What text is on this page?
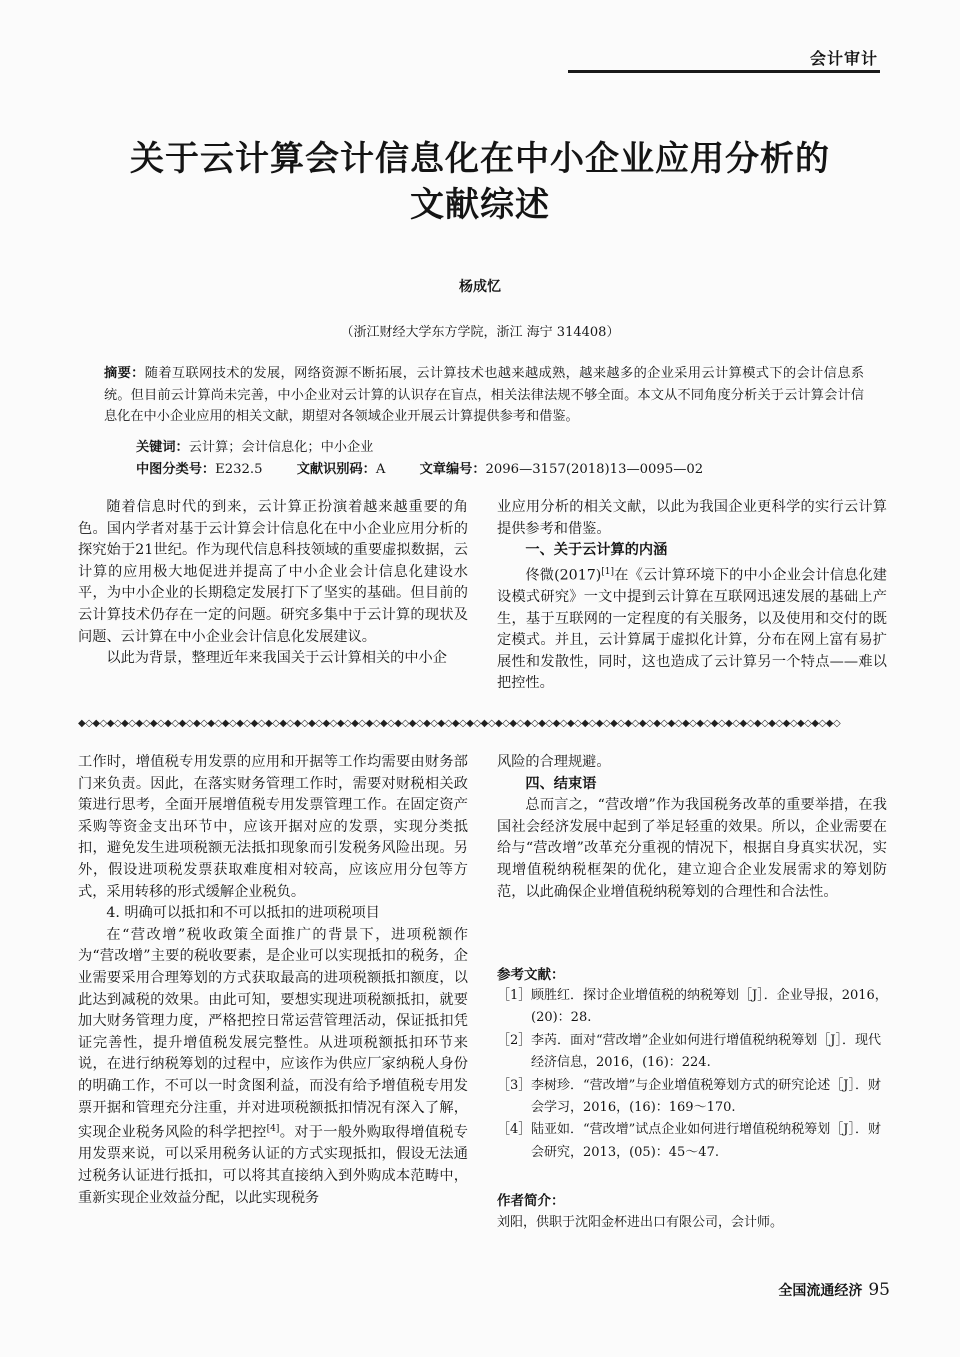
会计审计
关于云计算会计信息化在中小企业应用分析的
文献综述
杨成忆
（浙江财经大学东方学院，浙江 海宁 314408）
摘要：随着互联网技术的发展，网络资源不断拓展，云计算技术也越来越成熟，越来越多的企业采用云计算模式下的会计信息系统。但目前云计算尚未完善，中小企业对云计算的认识存在盲点，相关法律法规不够全面。本文从不同角度分析关于云计算会计信息化在中小企业应用的相关文献，期望对各领域企业开展云计算提供参考和借鉴。
关键词：云计算；会计信息化；中小企业
中图分类号：E232.5	文献识别码：A	文章编号：2096—3157(2018)13—0095—02

随着信息时代的到来，云计算正扮演着越来越重要的角色。国内学者对基于云计算会计信息化在中小企业应用分析的探究始于21世纪。作为现代信息科技领域的重要虚拟数据，云计算的应用极大地促进并提高了中小企业会计信息化建设水平，为中小企业的长期稳定发展打下了坚实的基础。但目前的云计算技术仍存在一定的问题。研究多集中于云计算的现状及问题、云计算在中小企业会计信息化发展建议。

以此为背景，整理近年来我国关于云计算相关的中小企

业应用分析的相关文献，以此为我国企业更科学的实行云计算提供参考和借鉴。

一、关于云计算的内涵

佟微(2017)[1]在《云计算环境下的中小企业会计信息化建设模式研究》一文中提到云计算在互联网迅速发展的基础上产生，基于互联网的一定程度的有关服务，以及使用和交付的既定模式。并且，云计算属于虚拟化计算，分布在网上富有易扩展性和发散性，同时，这也造成了云计算另一个特点——难以把控性。

◆◇◆◇◆◇◆◇◆◇◆◇◆◇◆◇◆◇◆◇◆◇◆◇◆◇◆◇◆◇◆◇◆◇◆◇◆◇◆◇◆◇◆◇◆◇◆◇◆◇◆◇◆◇◆◇◆◇◆◇◆◇◆◇◆◇◆◇◆◇◆◇◆◇◆◇◆◇◆◇◆◇◆◇◆◇◆◇◆◇◆◇◆◇◆◇◆◇◆◇◆◇◆◇◆◇

工作时，增值税专用发票的应用和开据等工作均需要由财务部门来负责。因此，在落实财务管理工作时，需要对财税相关政策进行思考，全面开展增值税专用发票管理工作。在固定资产采购等资金支出环节中，应该开据对应的发票，实现分类抵扣，避免发生进项税额无法抵扣现象而引发税务风险出现。另外，假设进项税发票获取难度相对较高，应该应用分包等方式，采用转移的形式缓解企业税负。

4. 明确可以抵扣和不可以抵扣的进项税项目

在“营改增”税收政策全面推广的背景下，进项税额作为“营改增”主要的税收要素，是企业可以实现抵扣的税务，企业需要采用合理筹划的方式获取最高的进项税额抵扣额度，以此达到减税的效果。由此可知，要想实现进项税额抵扣，就要加大财务管理力度，严格把控日常运营管理活动，保证抵扣凭证完善性，提升增值税发展完整性。从进项税额抵扣环节来说，在进行纳税筹划的过程中，应该作为供应厂家纳税人身份的明确工作，不可以一时贪图利益，而没有给予增值税专用发票开据和管理充分注重，并对进项税额抵扣情况有深入了解，实现企业税务风险的科学把控[4]。对于一般外购取得增值税专用发票来说，可以采用税务认证的方式实现抵扣，假设无法通过税务认证进行抵扣，可以将其直接纳入到外购成本范畴中，重新实现企业效益分配，以此实现税务

风险的合理规避。

四、结束语

总而言之，“营改增”作为我国税务改革的重要举措，在我国社会经济发展中起到了举足轻重的效果。所以，企业需要在给与“营改增”改革充分重视的情况下，根据自身真实状况，实现增值税纳税框架的优化，建立迎合企业发展需求的筹划防范，以此确保企业增值税纳税筹划的合理性和合法性。

参考文献：
［1］ 顾胜红．探讨企业增值税的纳税筹划［J］．企业导报，2016，(20)：28.
［2］ 李芮．面对“营改增”企业如何进行增值税纳税筹划［J］．现代经济信息，2016，(16)：224.
［3］ 李树珍．“营改增”与企业增值税筹划方式的研究论述［J］．财会学习，2016，(16)：169～170.
［4］ 陆亚如．“营改增”试点企业如何进行增值税纳税筹划［J］．财会研究，2013，(05)：45～47.
作者简介：
刘阳，供职于沈阳金杯进出口有限公司，会计师。
全国流通经济 95
